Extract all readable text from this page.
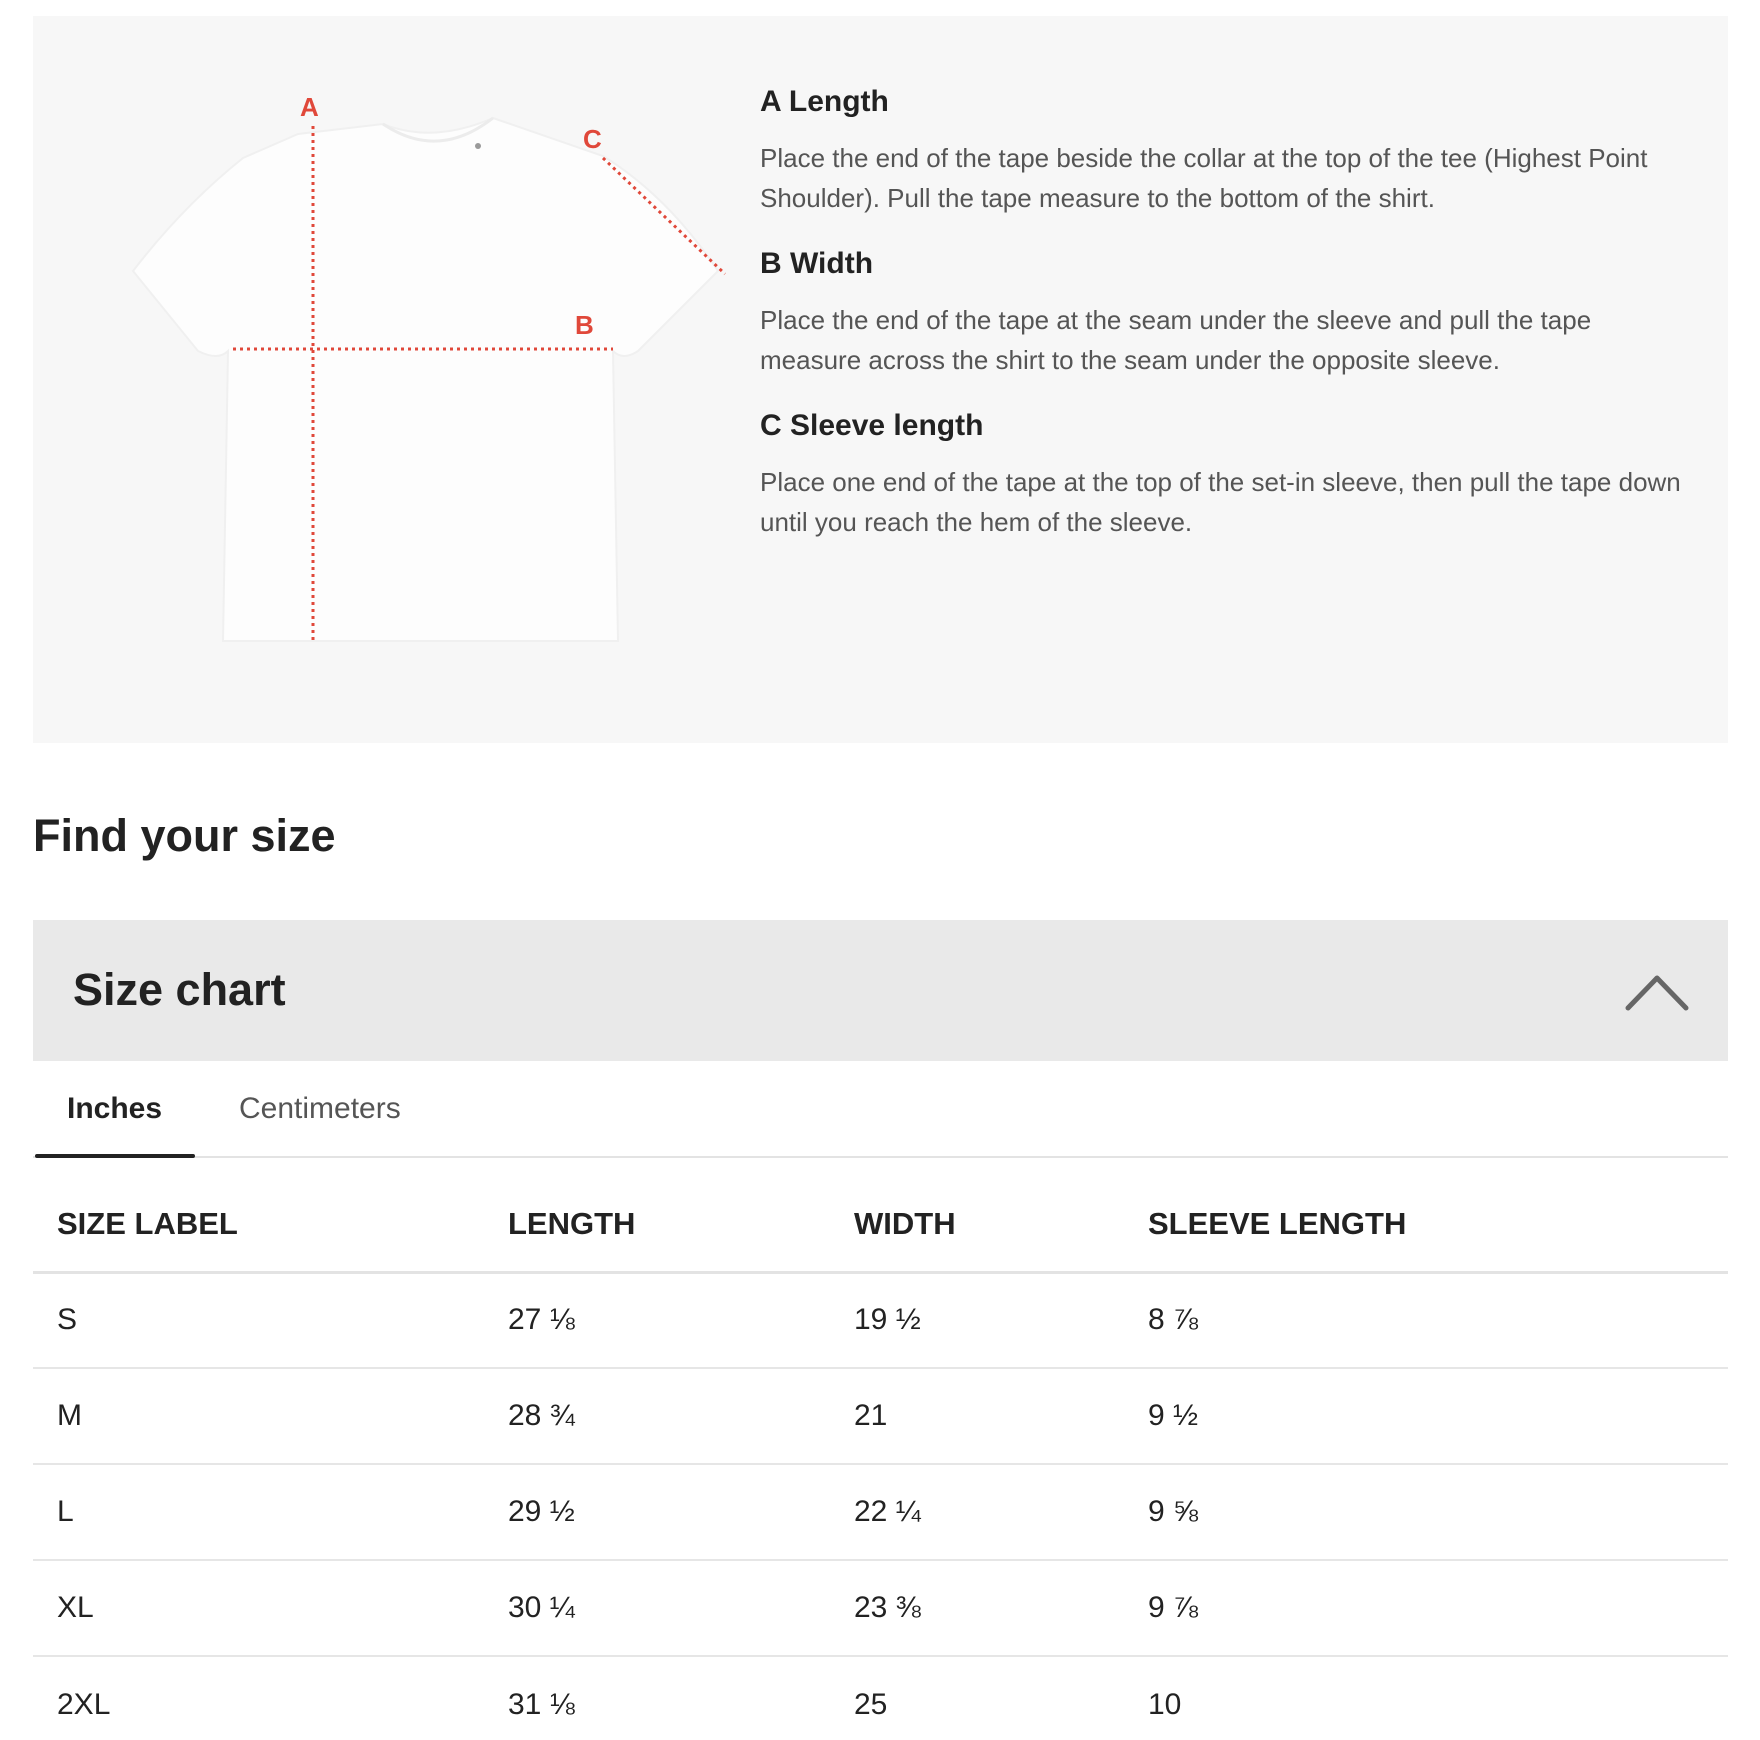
A
B
C
A Length
Place the end of the tape beside the collar at the top of the tee (Highest Point Shoulder). Pull the tape measure to the bottom of the shirt.
B Width
Place the end of the tape at the seam under the sleeve and pull the tape measure across the shirt to the seam under the opposite sleeve.
C Sleeve length
Place one end of the tape at the top of the set-in sleeve, then pull the tape down until you reach the hem of the sleeve.
Find your size
Size chart
Inches	Centimeters
SIZE LABEL	LENGTH	WIDTH	SLEEVE LENGTH
S	27 ⅛	19 ½	8 ⅞
M	28 ¾	21	9 ½
L	29 ½	22 ¼	9 ⅝
XL	30 ¼	23 ⅜	9 ⅞
2XL	31 ⅛	25	10
